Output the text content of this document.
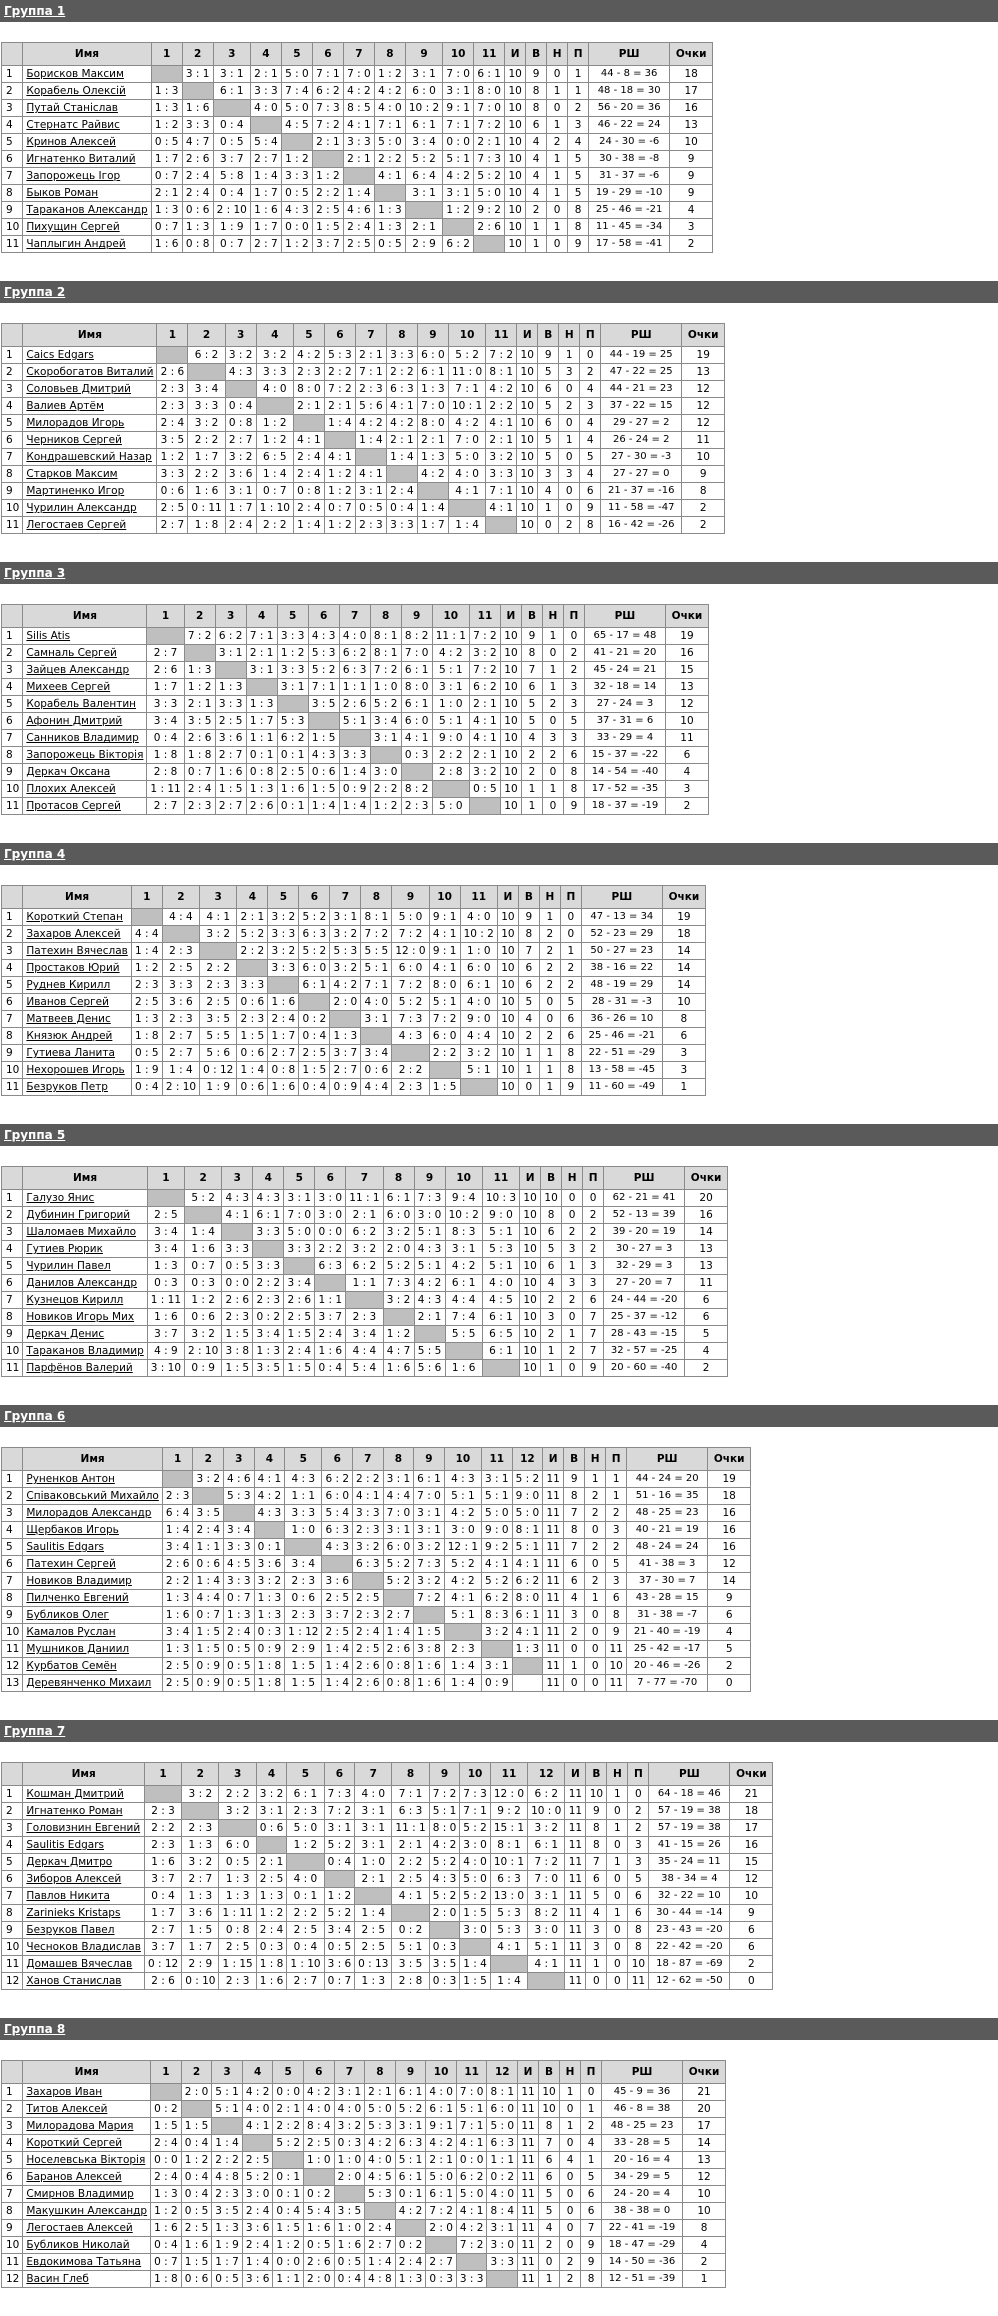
Группа 1
	Имя	1	2	3	4	5	6	7	8	9	10	11	И	В	Н	П	РШ	Очки
1	Борисков Максим		3 : 1	3 : 1	2 : 1	5 : 0	7 : 1	7 : 0	1 : 2	3 : 1	7 : 0	6 : 1	10	9	0	1	44 - 8 = 36	18
2	Корабель Олексій	1 : 3		6 : 1	3 : 3	7 : 4	6 : 2	4 : 2	4 : 2	6 : 0	3 : 1	8 : 0	10	8	1	1	48 - 18 = 30	17
3	Путай Станіслав	1 : 3	1 : 6		4 : 0	5 : 0	7 : 3	8 : 5	4 : 0	10 : 2	9 : 1	7 : 0	10	8	0	2	56 - 20 = 36	16
4	Стернатс Райвис	1 : 2	3 : 3	0 : 4		4 : 5	7 : 2	4 : 1	7 : 1	6 : 1	7 : 1	7 : 2	10	6	1	3	46 - 22 = 24	13
5	Кринов Алексей	0 : 5	4 : 7	0 : 5	5 : 4		2 : 1	3 : 3	5 : 0	3 : 4	0 : 0	2 : 1	10	4	2	4	24 - 30 = -6	10
6	Игнатенко Виталий	1 : 7	2 : 6	3 : 7	2 : 7	1 : 2		2 : 1	2 : 2	5 : 2	5 : 1	7 : 3	10	4	1	5	30 - 38 = -8	9
7	Запорожець Ігор	0 : 7	2 : 4	5 : 8	1 : 4	3 : 3	1 : 2		4 : 1	6 : 4	4 : 2	5 : 2	10	4	1	5	31 - 37 = -6	9
8	Быков Роман	2 : 1	2 : 4	0 : 4	1 : 7	0 : 5	2 : 2	1 : 4		3 : 1	3 : 1	5 : 0	10	4	1	5	19 - 29 = -10	9
9	Тараканов Александр	1 : 3	0 : 6	2 : 10	1 : 6	4 : 3	2 : 5	4 : 6	1 : 3		1 : 2	9 : 2	10	2	0	8	25 - 46 = -21	4
10	Пихущин Сергей	0 : 7	1 : 3	1 : 9	1 : 7	0 : 0	1 : 5	2 : 4	1 : 3	2 : 1		2 : 6	10	1	1	8	11 - 45 = -34	3
11	Чаплыгин Андрей	1 : 6	0 : 8	0 : 7	2 : 7	1 : 2	3 : 7	2 : 5	0 : 5	2 : 9	6 : 2		10	1	0	9	17 - 58 = -41	2
Группа 2
	Имя	1	2	3	4	5	6	7	8	9	10	11	И	В	Н	П	РШ	Очки
1	Caics Edgars		6 : 2	3 : 2	3 : 2	4 : 2	5 : 3	2 : 1	3 : 3	6 : 0	5 : 2	7 : 2	10	9	1	0	44 - 19 = 25	19
2	Скоробогатов Виталий	2 : 6		4 : 3	3 : 3	2 : 3	2 : 2	7 : 1	2 : 2	6 : 1	11 : 0	8 : 1	10	5	3	2	47 - 22 = 25	13
3	Соловьев Дмитрий	2 : 3	3 : 4		4 : 0	8 : 0	7 : 2	2 : 3	6 : 3	1 : 3	7 : 1	4 : 2	10	6	0	4	44 - 21 = 23	12
4	Валиев Артём	2 : 3	3 : 3	0 : 4		2 : 1	2 : 1	5 : 6	4 : 1	7 : 0	10 : 1	2 : 2	10	5	2	3	37 - 22 = 15	12
5	Милорадов Игорь	2 : 4	3 : 2	0 : 8	1 : 2		1 : 4	4 : 2	4 : 2	8 : 0	4 : 2	4 : 1	10	6	0	4	29 - 27 = 2	12
6	Черников Сергей	3 : 5	2 : 2	2 : 7	1 : 2	4 : 1		1 : 4	2 : 1	2 : 1	7 : 0	2 : 1	10	5	1	4	26 - 24 = 2	11
7	Кондрашевский Назар	1 : 2	1 : 7	3 : 2	6 : 5	2 : 4	4 : 1		1 : 4	1 : 3	5 : 0	3 : 2	10	5	0	5	27 - 30 = -3	10
8	Старков Максим	3 : 3	2 : 2	3 : 6	1 : 4	2 : 4	1 : 2	4 : 1		4 : 2	4 : 0	3 : 3	10	3	3	4	27 - 27 = 0	9
9	Мартиненко Игор	0 : 6	1 : 6	3 : 1	0 : 7	0 : 8	1 : 2	3 : 1	2 : 4		4 : 1	7 : 1	10	4	0	6	21 - 37 = -16	8
10	Чурилин Александр	2 : 5	0 : 11	1 : 7	1 : 10	2 : 4	0 : 7	0 : 5	0 : 4	1 : 4		4 : 1	10	1	0	9	11 - 58 = -47	2
11	Легостаев Сергей	2 : 7	1 : 8	2 : 4	2 : 2	1 : 4	1 : 2	2 : 3	3 : 3	1 : 7	1 : 4		10	0	2	8	16 - 42 = -26	2
Группа 3
	Имя	1	2	3	4	5	6	7	8	9	10	11	И	В	Н	П	РШ	Очки
1	Silis Atis		7 : 2	6 : 2	7 : 1	3 : 3	4 : 3	4 : 0	8 : 1	8 : 2	11 : 1	7 : 2	10	9	1	0	65 - 17 = 48	19
2	Самналь Сергей	2 : 7		3 : 1	2 : 1	1 : 2	5 : 3	6 : 2	8 : 1	7 : 0	4 : 2	3 : 2	10	8	0	2	41 - 21 = 20	16
3	Зайцев Александр	2 : 6	1 : 3		3 : 1	3 : 3	5 : 2	6 : 3	7 : 2	6 : 1	5 : 1	7 : 2	10	7	1	2	45 - 24 = 21	15
4	Михеев Сергей	1 : 7	1 : 2	1 : 3		3 : 1	7 : 1	1 : 1	1 : 0	8 : 0	3 : 1	6 : 2	10	6	1	3	32 - 18 = 14	13
5	Корабель Валентин	3 : 3	2 : 1	3 : 3	1 : 3		3 : 5	2 : 6	5 : 2	6 : 1	1 : 0	2 : 1	10	5	2	3	27 - 24 = 3	12
6	Афонин Дмитрий	3 : 4	3 : 5	2 : 5	1 : 7	5 : 3		5 : 1	3 : 4	6 : 0	5 : 1	4 : 1	10	5	0	5	37 - 31 = 6	10
7	Санников Владимир	0 : 4	2 : 6	3 : 6	1 : 1	6 : 2	1 : 5		3 : 1	4 : 1	9 : 0	4 : 1	10	4	3	3	33 - 29 = 4	11
8	Запорожець Вікторія	1 : 8	1 : 8	2 : 7	0 : 1	0 : 1	4 : 3	3 : 3		0 : 3	2 : 2	2 : 1	10	2	2	6	15 - 37 = -22	6
9	Деркач Оксана	2 : 8	0 : 7	1 : 6	0 : 8	2 : 5	0 : 6	1 : 4	3 : 0		2 : 8	3 : 2	10	2	0	8	14 - 54 = -40	4
10	Плохих Алексей	1 : 11	2 : 4	1 : 5	1 : 3	1 : 6	1 : 5	0 : 9	2 : 2	8 : 2		0 : 5	10	1	1	8	17 - 52 = -35	3
11	Протасов Сергей	2 : 7	2 : 3	2 : 7	2 : 6	0 : 1	1 : 4	1 : 4	1 : 2	2 : 3	5 : 0		10	1	0	9	18 - 37 = -19	2
Группа 4
	Имя	1	2	3	4	5	6	7	8	9	10	11	И	В	Н	П	РШ	Очки
1	Короткий Степан		4 : 4	4 : 1	2 : 1	3 : 2	5 : 2	3 : 1	8 : 1	5 : 0	9 : 1	4 : 0	10	9	1	0	47 - 13 = 34	19
2	Захаров Алексей	4 : 4		3 : 2	5 : 2	3 : 3	6 : 3	3 : 2	7 : 2	7 : 2	4 : 1	10 : 2	10	8	2	0	52 - 23 = 29	18
3	Патехин Вячеслав	1 : 4	2 : 3		2 : 2	3 : 2	5 : 2	5 : 3	5 : 5	12 : 0	9 : 1	1 : 0	10	7	2	1	50 - 27 = 23	14
4	Простаков Юрий	1 : 2	2 : 5	2 : 2		3 : 3	6 : 0	3 : 2	5 : 1	6 : 0	4 : 1	6 : 0	10	6	2	2	38 - 16 = 22	14
5	Руднев Кирилл	2 : 3	3 : 3	2 : 3	3 : 3		6 : 1	4 : 2	7 : 1	7 : 2	8 : 0	6 : 1	10	6	2	2	48 - 19 = 29	14
6	Иванов Сергей	2 : 5	3 : 6	2 : 5	0 : 6	1 : 6		2 : 0	4 : 0	5 : 2	5 : 1	4 : 0	10	5	0	5	28 - 31 = -3	10
7	Матвеев Денис	1 : 3	2 : 3	3 : 5	2 : 3	2 : 4	0 : 2		3 : 1	7 : 3	7 : 2	9 : 0	10	4	0	6	36 - 26 = 10	8
8	Князюк Андрей	1 : 8	2 : 7	5 : 5	1 : 5	1 : 7	0 : 4	1 : 3		4 : 3	6 : 0	4 : 4	10	2	2	6	25 - 46 = -21	6
9	Гутиева Ланита	0 : 5	2 : 7	5 : 6	0 : 6	2 : 7	2 : 5	3 : 7	3 : 4		2 : 2	3 : 2	10	1	1	8	22 - 51 = -29	3
10	Нехорошев Игорь	1 : 9	1 : 4	0 : 12	1 : 4	0 : 8	1 : 5	2 : 7	0 : 6	2 : 2		5 : 1	10	1	1	8	13 - 58 = -45	3
11	Безруков Петр	0 : 4	2 : 10	1 : 9	0 : 6	1 : 6	0 : 4	0 : 9	4 : 4	2 : 3	1 : 5		10	0	1	9	11 - 60 = -49	1
Группа 5
	Имя	1	2	3	4	5	6	7	8	9	10	11	И	В	Н	П	РШ	Очки
1	Галузо Янис		5 : 2	4 : 3	4 : 3	3 : 1	3 : 0	11 : 1	6 : 1	7 : 3	9 : 4	10 : 3	10	10	0	0	62 - 21 = 41	20
2	Дубинин Григорий	2 : 5		4 : 1	6 : 1	7 : 0	3 : 0	2 : 1	6 : 0	3 : 0	10 : 2	9 : 0	10	8	0	2	52 - 13 = 39	16
3	Шаломаев Михайло	3 : 4	1 : 4		3 : 3	5 : 0	0 : 0	6 : 2	3 : 2	5 : 1	8 : 3	5 : 1	10	6	2	2	39 - 20 = 19	14
4	Гутиев Рюрик	3 : 4	1 : 6	3 : 3		3 : 3	2 : 2	3 : 2	2 : 0	4 : 3	3 : 1	5 : 3	10	5	3	2	30 - 27 = 3	13
5	Чурилин Павел	1 : 3	0 : 7	0 : 5	3 : 3		6 : 3	6 : 2	5 : 2	5 : 1	4 : 2	5 : 1	10	6	1	3	32 - 29 = 3	13
6	Данилов Александр	0 : 3	0 : 3	0 : 0	2 : 2	3 : 4		1 : 1	7 : 3	4 : 2	6 : 1	4 : 0	10	4	3	3	27 - 20 = 7	11
7	Кузнецов Кирилл	1 : 11	1 : 2	2 : 6	2 : 3	2 : 6	1 : 1		3 : 2	4 : 3	4 : 4	4 : 5	10	2	2	6	24 - 44 = -20	6
8	Новиков Игорь Мих	1 : 6	0 : 6	2 : 3	0 : 2	2 : 5	3 : 7	2 : 3		2 : 1	7 : 4	6 : 1	10	3	0	7	25 - 37 = -12	6
9	Деркач Денис	3 : 7	3 : 2	1 : 5	3 : 4	1 : 5	2 : 4	3 : 4	1 : 2		5 : 5	6 : 5	10	2	1	7	28 - 43 = -15	5
10	Тараканов Владимир	4 : 9	2 : 10	3 : 8	1 : 3	2 : 4	1 : 6	4 : 4	4 : 7	5 : 5		6 : 1	10	1	2	7	32 - 57 = -25	4
11	Парфёнов Валерий	3 : 10	0 : 9	1 : 5	3 : 5	1 : 5	0 : 4	5 : 4	1 : 6	5 : 6	1 : 6		10	1	0	9	20 - 60 = -40	2
Группа 6
	Имя	1	2	3	4	5	6	7	8	9	10	11	12	И	В	Н	П	РШ	Очки
1	Руненков Антон		3 : 2	4 : 6	4 : 1	4 : 3	6 : 2	2 : 2	3 : 1	6 : 1	4 : 3	3 : 1	5 : 2	11	9	1	1	44 - 24 = 20	19
2	Співаковський Михайло	2 : 3		5 : 3	4 : 2	1 : 1	6 : 0	4 : 1	4 : 4	7 : 0	5 : 1	5 : 1	9 : 0	11	8	2	1	51 - 16 = 35	18
3	Милорадов Александр	6 : 4	3 : 5		4 : 3	3 : 3	5 : 4	3 : 3	7 : 0	3 : 1	4 : 2	5 : 0	5 : 0	11	7	2	2	48 - 25 = 23	16
4	Щербаков Игорь	1 : 4	2 : 4	3 : 4		1 : 0	6 : 3	2 : 3	3 : 1	3 : 1	3 : 0	9 : 0	8 : 1	11	8	0	3	40 - 21 = 19	16
5	Saulitis Edgars	3 : 4	1 : 1	3 : 3	0 : 1		4 : 3	3 : 2	6 : 0	3 : 2	12 : 1	9 : 2	5 : 1	11	7	2	2	48 - 24 = 24	16
6	Патехин Сергей	2 : 6	0 : 6	4 : 5	3 : 6	3 : 4		6 : 3	5 : 2	7 : 3	5 : 2	4 : 1	4 : 1	11	6	0	5	41 - 38 = 3	12
7	Новиков Владимир	2 : 2	1 : 4	3 : 3	3 : 2	2 : 3	3 : 6		5 : 2	3 : 2	4 : 2	5 : 2	6 : 2	11	6	2	3	37 - 30 = 7	14
8	Пилченко Евгений	1 : 3	4 : 4	0 : 7	1 : 3	0 : 6	2 : 5	2 : 5		7 : 2	4 : 1	6 : 2	8 : 0	11	4	1	6	43 - 28 = 15	9
9	Бубликов Олег	1 : 6	0 : 7	1 : 3	1 : 3	2 : 3	3 : 7	2 : 3	2 : 7		5 : 1	8 : 3	6 : 1	11	3	0	8	31 - 38 = -7	6
10	Камалов Руслан	3 : 4	1 : 5	2 : 4	0 : 3	1 : 12	2 : 5	2 : 4	1 : 4	1 : 5		3 : 2	4 : 1	11	2	0	9	21 - 40 = -19	4
11	Мушников Даниил	1 : 3	1 : 5	0 : 5	0 : 9	2 : 9	1 : 4	2 : 5	2 : 6	3 : 8	2 : 3		1 : 3	11	0	0	11	25 - 42 = -17	5
12	Курбатов Семён	2 : 5	0 : 9	0 : 5	1 : 8	1 : 5	1 : 4	2 : 6	0 : 8	1 : 6	1 : 4	3 : 1		11	1	0	10	20 - 46 = -26	2
13	Деревянченко Михаил	2 : 5	0 : 9	0 : 5	1 : 8	1 : 5	1 : 4	2 : 6	0 : 8	1 : 6	1 : 4	0 : 9		11	0	0	11	7 - 77 = -70	0
Группа 7
	Имя	1	2	3	4	5	6	7	8	9	10	11	12	И	В	Н	П	РШ	Очки
1	Кошман Дмитрий		3 : 2	2 : 2	3 : 2	6 : 1	7 : 3	4 : 0	7 : 1	7 : 2	7 : 3	12 : 0	6 : 2	11	10	1	0	64 - 18 = 46	21
2	Игнатенко Роман	2 : 3		3 : 2	3 : 1	2 : 3	7 : 2	3 : 1	6 : 3	5 : 1	7 : 1	9 : 2	10 : 0	11	9	0	2	57 - 19 = 38	18
3	Головизнин Евгений	2 : 2	2 : 3		0 : 6	5 : 0	3 : 1	3 : 1	11 : 1	8 : 0	5 : 2	15 : 1	3 : 2	11	8	1	2	57 - 19 = 38	17
4	Saulitis Edgars	2 : 3	1 : 3	6 : 0		1 : 2	5 : 2	3 : 1	2 : 1	4 : 2	3 : 0	8 : 1	6 : 1	11	8	0	3	41 - 15 = 26	16
5	Деркач Дмитро	1 : 6	3 : 2	0 : 5	2 : 1		0 : 4	1 : 0	2 : 2	5 : 2	4 : 0	10 : 1	7 : 2	11	7	1	3	35 - 24 = 11	15
6	Зиборов Алексей	3 : 7	2 : 7	1 : 3	2 : 5	4 : 0		2 : 1	2 : 5	4 : 3	5 : 0	6 : 3	7 : 0	11	6	0	5	38 - 34 = 4	12
7	Павлов Никита	0 : 4	1 : 3	1 : 3	1 : 3	0 : 1	1 : 2		4 : 1	5 : 2	5 : 2	13 : 0	3 : 1	11	5	0	6	32 - 22 = 10	10
8	Zarinieks Kristaps	1 : 7	3 : 6	1 : 11	1 : 2	2 : 2	5 : 2	1 : 4		2 : 0	1 : 5	5 : 3	8 : 2	11	4	1	6	30 - 44 = -14	9
9	Безруков Павел	2 : 7	1 : 5	0 : 8	2 : 4	2 : 5	3 : 4	2 : 5	0 : 2		3 : 0	5 : 3	3 : 0	11	3	0	8	23 - 43 = -20	6
10	Чесноков Владислав	3 : 7	1 : 7	2 : 5	0 : 3	0 : 4	0 : 5	2 : 5	5 : 1	0 : 3		4 : 1	5 : 1	11	3	0	8	22 - 42 = -20	6
11	Домашев Вячеслав	0 : 12	2 : 9	1 : 15	1 : 8	1 : 10	3 : 6	0 : 13	3 : 5	3 : 5	1 : 4		4 : 1	11	1	0	10	18 - 87 = -69	2
12	Ханов Станислав	2 : 6	0 : 10	2 : 3	1 : 6	2 : 7	0 : 7	1 : 3	2 : 8	0 : 3	1 : 5	1 : 4		11	0	0	11	12 - 62 = -50	0
Группа 8
	Имя	1	2	3	4	5	6	7	8	9	10	11	12	И	В	Н	П	РШ	Очки
1	Захаров Иван		2 : 0	5 : 1	4 : 2	0 : 0	4 : 2	3 : 1	2 : 1	6 : 1	4 : 0	7 : 0	8 : 1	11	10	1	0	45 - 9 = 36	21
2	Титов Алексей	0 : 2		5 : 1	4 : 0	2 : 1	4 : 0	4 : 0	5 : 0	5 : 2	6 : 1	5 : 1	6 : 0	11	10	0	1	46 - 8 = 38	20
3	Милорадова Мария	1 : 5	1 : 5		4 : 1	2 : 2	8 : 4	3 : 2	5 : 3	3 : 1	9 : 1	7 : 1	5 : 0	11	8	1	2	48 - 25 = 23	17
4	Короткий Сергей	2 : 4	0 : 4	1 : 4		5 : 2	2 : 5	0 : 3	4 : 2	6 : 3	4 : 2	4 : 1	6 : 3	11	7	0	4	33 - 28 = 5	14
5	Носелевська Вікторія	0 : 0	1 : 2	2 : 2	2 : 5		1 : 0	1 : 0	4 : 0	5 : 1	2 : 1	0 : 0	1 : 1	11	6	4	1	20 - 16 = 4	13
6	Баранов Алексей	2 : 4	0 : 4	4 : 8	5 : 2	0 : 1		2 : 0	4 : 5	6 : 1	5 : 0	6 : 2	0 : 2	11	6	0	5	34 - 29 = 5	12
7	Смирнов Владимир	1 : 3	0 : 4	2 : 3	3 : 0	0 : 1	0 : 2		5 : 3	0 : 1	6 : 1	5 : 0	4 : 0	11	5	0	6	24 - 20 = 4	10
8	Макушкин Александр	1 : 2	0 : 5	3 : 5	2 : 4	0 : 4	5 : 4	3 : 5		4 : 2	7 : 2	4 : 1	8 : 4	11	5	0	6	38 - 38 = 0	10
9	Легостаев Алексей	1 : 6	2 : 5	1 : 3	3 : 6	1 : 5	1 : 6	1 : 0	2 : 4		2 : 0	4 : 2	3 : 1	11	4	0	7	22 - 41 = -19	8
10	Бубликов Николай	0 : 4	1 : 6	1 : 9	2 : 4	1 : 2	0 : 5	1 : 6	2 : 7	0 : 2		7 : 2	3 : 0	11	2	0	9	18 - 47 = -29	4
11	Евдокимова Татьяна	0 : 7	1 : 5	1 : 7	1 : 4	0 : 0	2 : 6	0 : 5	1 : 4	2 : 4	2 : 7		3 : 3	11	0	2	9	14 - 50 = -36	2
12	Васин Глеб	1 : 8	0 : 6	0 : 5	3 : 6	1 : 1	2 : 0	0 : 4	4 : 8	1 : 3	0 : 3	3 : 3		11	1	2	8	12 - 51 = -39	1
